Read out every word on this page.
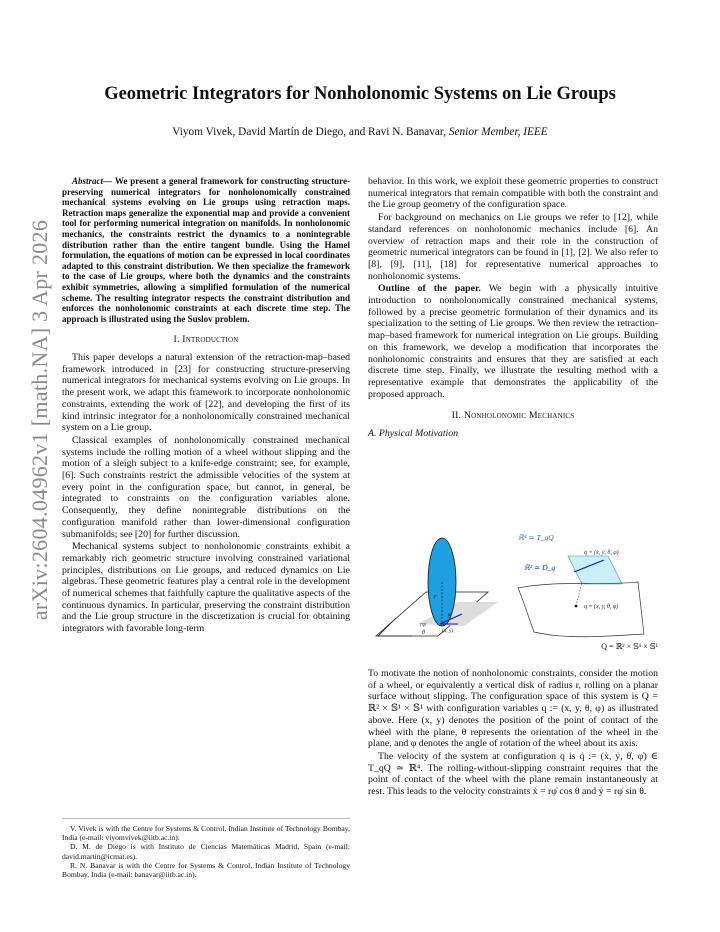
arXiv:2604.04962v1 [math.NA] 3 Apr 2026
Geometric Integrators for Nonholonomic Systems on Lie Groups
Viyom Vivek, David Martín de Diego, and Ravi N. Banavar, Senior Member, IEEE

Abstract— We present a general framework for constructing structure-preserving numerical integrators for nonholonomically constrained mechanical systems evolving on Lie groups using retraction maps. Retraction maps generalize the exponential map and provide a convenient tool for performing numerical integration on manifolds. In nonholonomic mechanics, the constraints restrict the dynamics to a nonintegrable distribution rather than the entire tangent bundle. Using the Hamel formulation, the equations of motion can be expressed in local coordinates adapted to this constraint distribution. We then specialize the framework to the case of Lie groups, where both the dynamics and the constraints exhibit symmetries, allowing a simplified formulation of the numerical scheme. The resulting integrator respects the constraint distribution and enforces the nonholonomic constraints at each discrete time step. The approach is illustrated using the Suslov problem.

I. Introduction

This paper develops a natural extension of the retraction-map–based framework introduced in [23] for constructing structure-preserving numerical integrators for mechanical systems evolving on Lie groups. In the present work, we adapt this framework to incorporate nonholonomic constraints, extending the work of [22], and developing the first of its kind intrinsic integrator for a nonholonomically constrained mechanical system on a Lie group.

Classical examples of nonholonomically constrained mechanical systems include the rolling motion of a wheel without slipping and the motion of a sleigh subject to a knife-edge constraint; see, for example, [6]. Such constraints restrict the admissible velocities of the system at every point in the configuration space, but cannot, in general, be integrated to constraints on the configuration variables alone. Consequently, they define nonintegrable distributions on the configuration manifold rather than lower-dimensional configuration submanifolds; see [20] for further discussion.

Mechanical systems subject to nonholonomic constraints exhibit a remarkably rich geometric structure involving constrained variational principles, distributions on Lie groups, and reduced dynamics on Lie algebras. These geometric features play a central role in the development of numerical schemes that faithfully capture the qualitative aspects of the continuous dynamics. In particular, preserving the constraint distribution and the Lie group structure in the discretization is crucial for obtaining integrators with favorable long-term

V. Vivek is with the Centre for Systems & Control, Indian Institute of Technology Bombay, India (e-mail: viyomvivek@iitb.ac.in).

D. M. de Diego is with Instituto de Ciencias Matemáticas Madrid, Spain (e-mail: david.martin@icmat.es).

R. N. Banavar is with the Centre for Systems & Control, Indian Institute of Technology Bombay, India (e-mail: banavar@iitb.ac.in).

behavior. In this work, we exploit these geometric properties to construct numerical integrators that remain compatible with both the constraint and the Lie group geometry of the configuration space.

For background on mechanics on Lie groups we refer to [12], while standard references on nonholonomic mechanics include [6]. An overview of retraction maps and their role in the construction of geometric numerical integrators can be found in [1], [2]. We also refer to [8], [9], [11], [18] for representative numerical approaches to nonholonomic systems.

Outline of the paper. We begin with a physically intuitive introduction to nonholonomically constrained mechanical systems, followed by a precise geometric formulation of their dynamics and its specialization to the setting of Lie groups. We then review the retraction-map–based framework for numerical integration on Lie groups. Building on this framework, we develop a modification that incorporates the nonholonomic constraints and ensures that they are satisfied at each discrete time step. Finally, we illustrate the resulting method with a representative example that demonstrates the applicability of the proposed approach.

II. Nonholonomic Mechanics
A. Physical Motivation
ℝ⁴ ≃ T_qQ
ℝ² ≃ D_q
q̇ = (ẋ, ẏ, θ̇, φ̇)
q = (x, y, θ, φ)
r
φ
rφ̇
θ	(x, y)
Q = ℝ² × 𝕊¹ × 𝕊¹

To motivate the notion of nonholonomic constraints, consider the motion of a wheel, or equivalently a vertical disk of radius r, rolling on a planar surface without slipping. The configuration space of this system is Q = ℝ² × 𝕊¹ × 𝕊¹ with configuration variables q := (x, y, θ, φ) as illustrated above. Here (x, y) denotes the position of the point of contact of the wheel with the plane, θ represents the orientation of the wheel in the plane, and φ denotes the angle of rotation of the wheel about its axis.

The velocity of the system at configuration q is q̇ := (ẋ, ẏ, θ̇, φ̇) ∈ T_qQ ≃ ℝ⁴. The rolling-without-slipping constraint requires that the point of contact of the wheel with the plane remain instantaneously at rest. This leads to the velocity constraints ẋ = rφ̇ cos θ and ẏ = rφ̇ sin θ.
